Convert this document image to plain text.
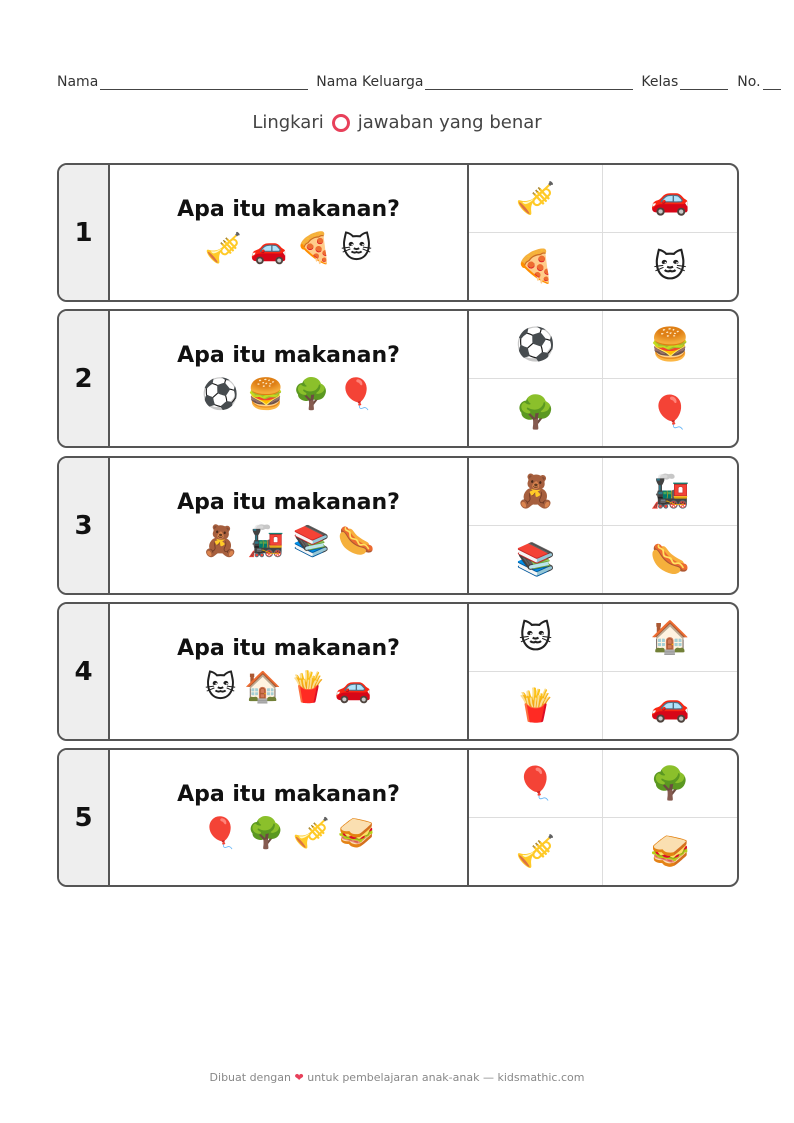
Nama	Nama Keluarga	Kelas	No.
Lingkari jawaban yang benar
1
Apa itu makanan?
🎺 🚗 🍕 🐱
🎺	🚗
🍕	🐱
2
Apa itu makanan?
⚽ 🍔 🌳 🎈
⚽	🍔
🌳	🎈
3
Apa itu makanan?
🧸 🚂 📚 🌭
🧸	🚂
📚	🌭
4
Apa itu makanan?
🐱 🏠 🍟 🚗
🐱	🏠
🍟	🚗
5
Apa itu makanan?
🎈 🌳 🎺 🥪
🎈	🌳
🎺	🥪
Dibuat dengan ❤ untuk pembelajaran anak-anak — kidsmathic.com
